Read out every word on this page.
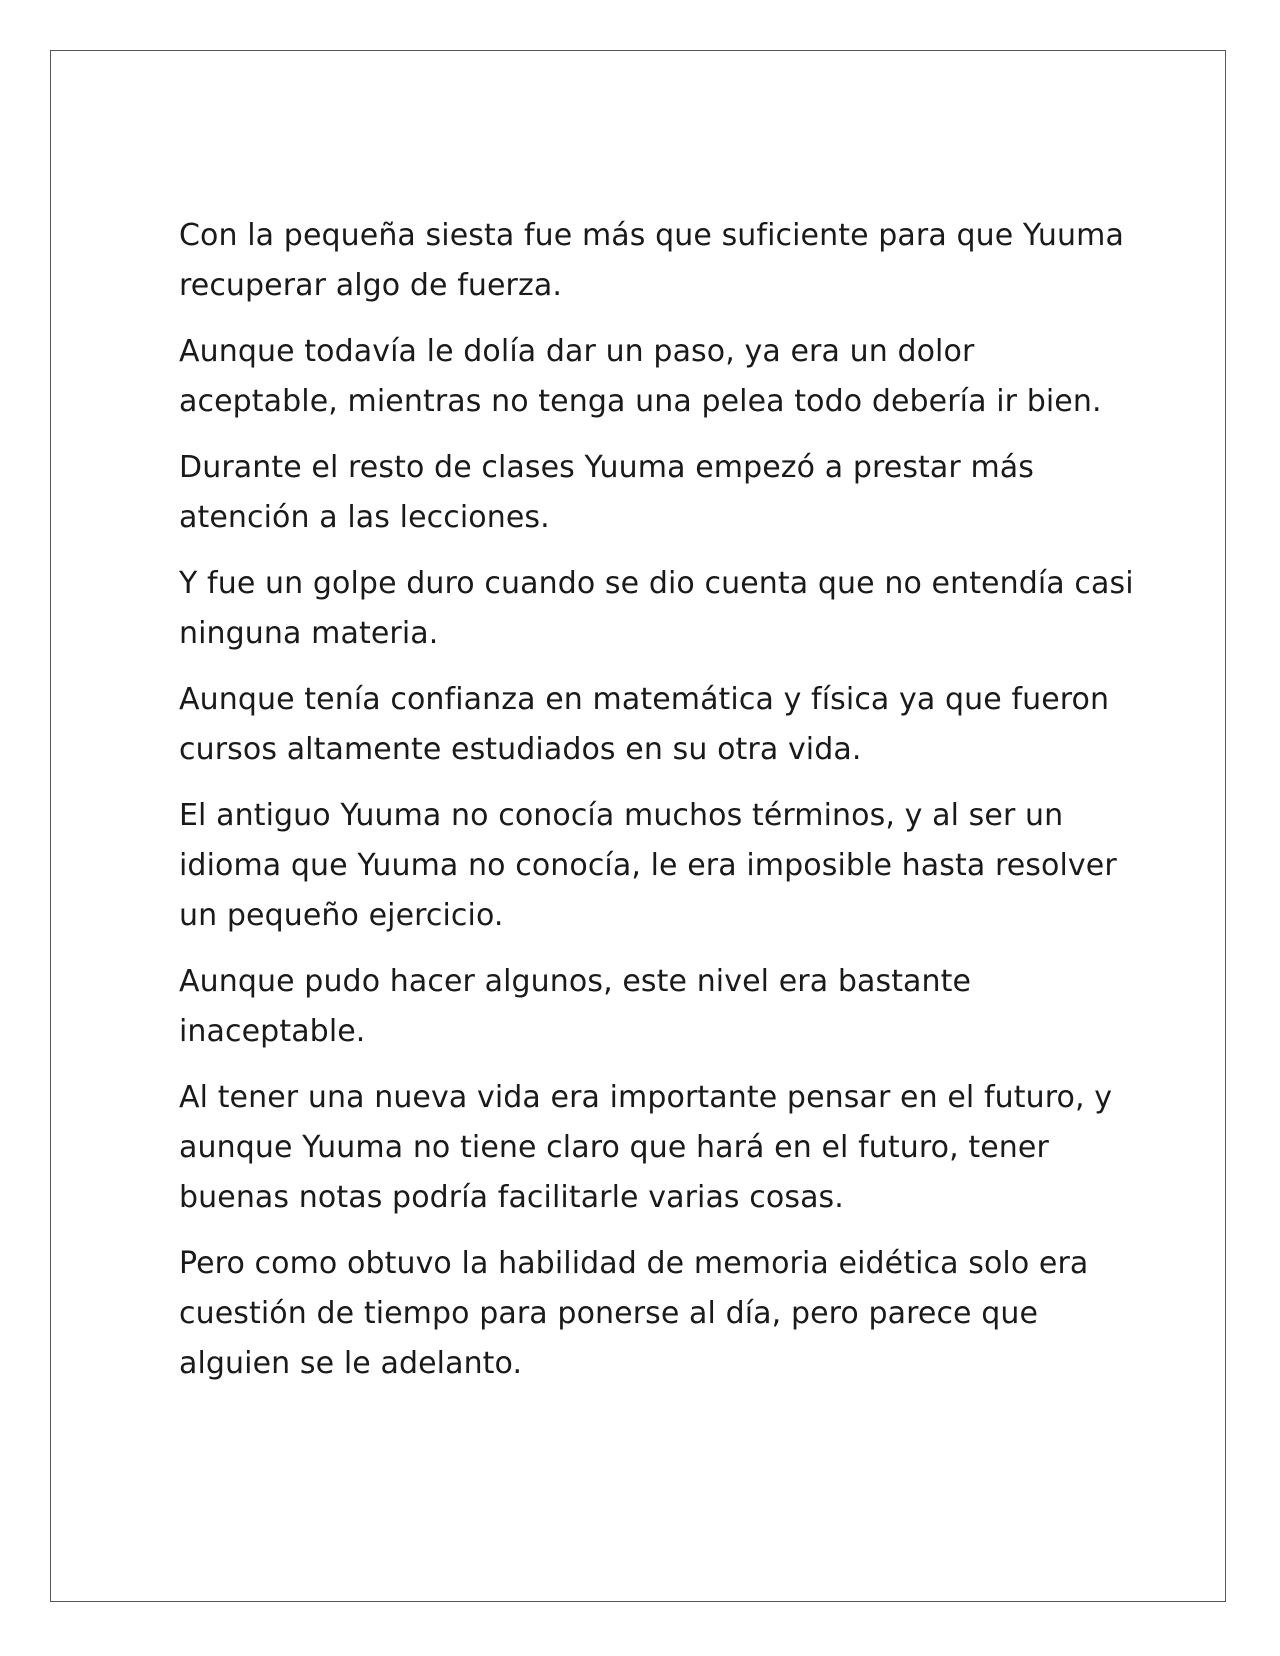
Con la pequeña siesta fue más que suficiente para que Yuuma recuperar algo de fuerza.

Aunque todavía le dolía dar un paso, ya era un dolor aceptable, mientras no tenga una pelea todo debería ir bien.

Durante el resto de clases Yuuma empezó a prestar más atención a las lecciones.

Y fue un golpe duro cuando se dio cuenta que no entendía casi ninguna materia.

Aunque tenía confianza en matemática y física ya que fueron cursos altamente estudiados en su otra vida.

El antiguo Yuuma no conocía muchos términos, y al ser un idioma que Yuuma no conocía, le era imposible hasta resolver un pequeño ejercicio.

Aunque pudo hacer algunos, este nivel era bastante inaceptable.

Al tener una nueva vida era importante pensar en el futuro, y aunque Yuuma no tiene claro que hará en el futuro, tener buenas notas podría facilitarle varias cosas.

Pero como obtuvo la habilidad de memoria eidética solo era cuestión de tiempo para ponerse al día, pero parece que alguien se le adelanto.
